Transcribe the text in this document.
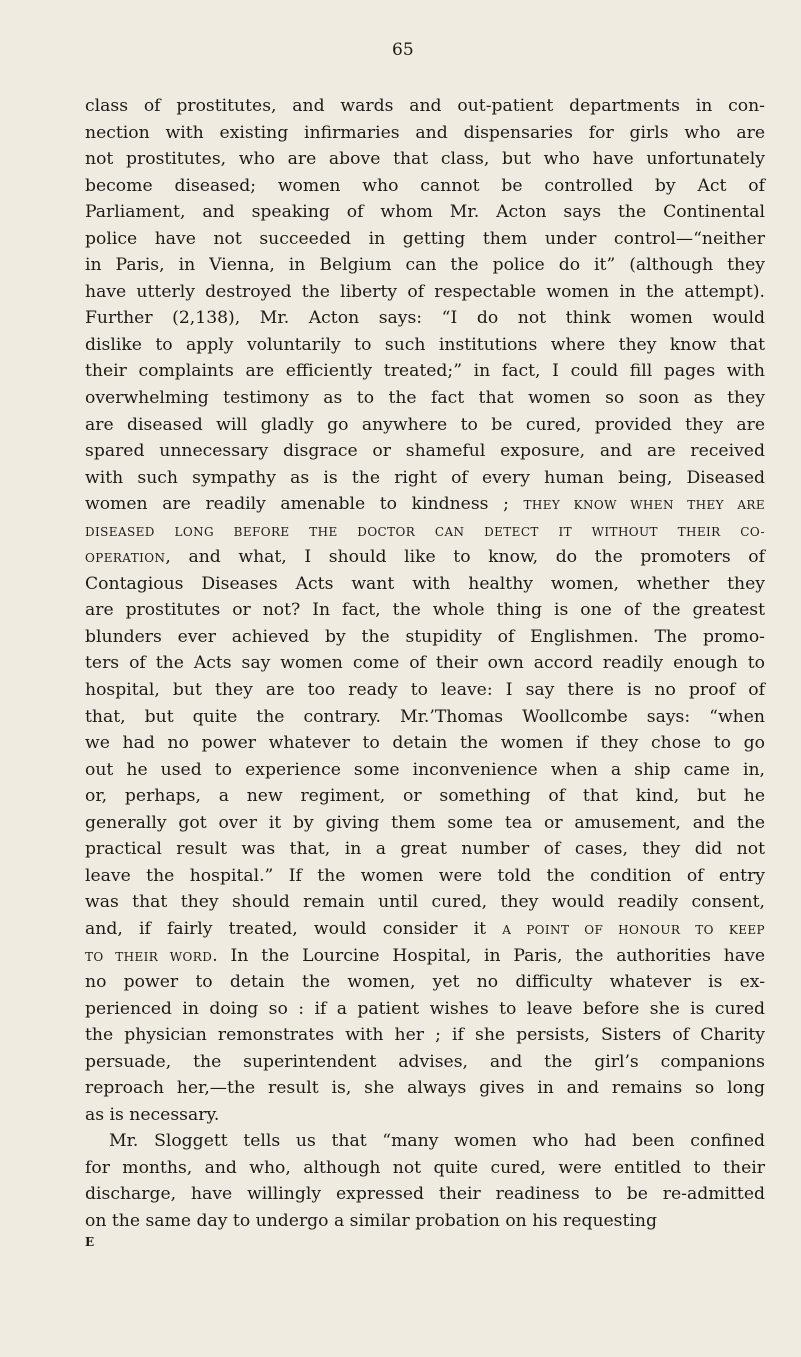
65
class of prostitutes, and wards and out-patient departments in con-
nection with existing infirmaries and dispensaries for girls who are
not prostitutes, who are above that class, but who have unfortunately
become diseased; women who cannot be controlled by Act of
Parliament, and speaking of whom Mr. Acton says the Continental
police have not succeeded in getting them under control—“neither
in Paris, in Vienna, in Belgium can the police do it” (although they
have utterly destroyed the liberty of respectable women in the attempt).
Further (2,138), Mr. Acton says: “I do not think women would
dislike to apply voluntarily to such institutions where they know that
their complaints are efficiently treated;” in fact, I could fill pages with
overwhelming testimony as to the fact that women so soon as they
are diseased will gladly go anywhere to be cured, provided they are
spared unnecessary disgrace or shameful exposure, and are received
with such sympathy as is the right of every human being, Diseased
women are readily amenable to kindness ; THEY KNOW WHEN THEY ARE
DISEASED LONG BEFORE THE DOCTOR CAN DETECT IT WITHOUT THEIR CO-
OPERATION, and what, I should like to know, do the promoters of
Contagious Diseases Acts want with healthy women, whether they
are prostitutes or not? In fact, the whole thing is one of the greatest
blunders ever achieved by the stupidity of Englishmen. The promo-
ters of the Acts say women come of their own accord readily enough to
hospital, but they are too ready to leave: I say there is no proof of
that, but quite the contrary. Mr.’Thomas Woollcombe says: “when
we had no power whatever to detain the women if they chose to go
out he used to experience some inconvenience when a ship came in,
or, perhaps, a new regiment, or something of that kind, but he
generally got over it by giving them some tea or amusement, and the
practical result was that, in a great number of cases, they did not
leave the hospital.” If the women were told the condition of entry
was that they should remain until cured, they would readily consent,
and, if fairly treated, would consider it A POINT OF HONOUR TO KEEP
TO THEIR WORD. In the Lourcine Hospital, in Paris, the authorities have
no power to detain the women, yet no difficulty whatever is ex-
perienced in doing so : if a patient wishes to leave before she is cured
the physician remonstrates with her ; if she persists, Sisters of Charity
persuade, the superintendent advises, and the girl’s companions
reproach her,—the result is, she always gives in and remains so long
as is necessary.
Mr. Sloggett tells us that “many women who had been confined
for months, and who, although not quite cured, were entitled to their
discharge, have willingly expressed their readiness to be re-admitted
on the same day to undergo a similar probation on his requesting
E
